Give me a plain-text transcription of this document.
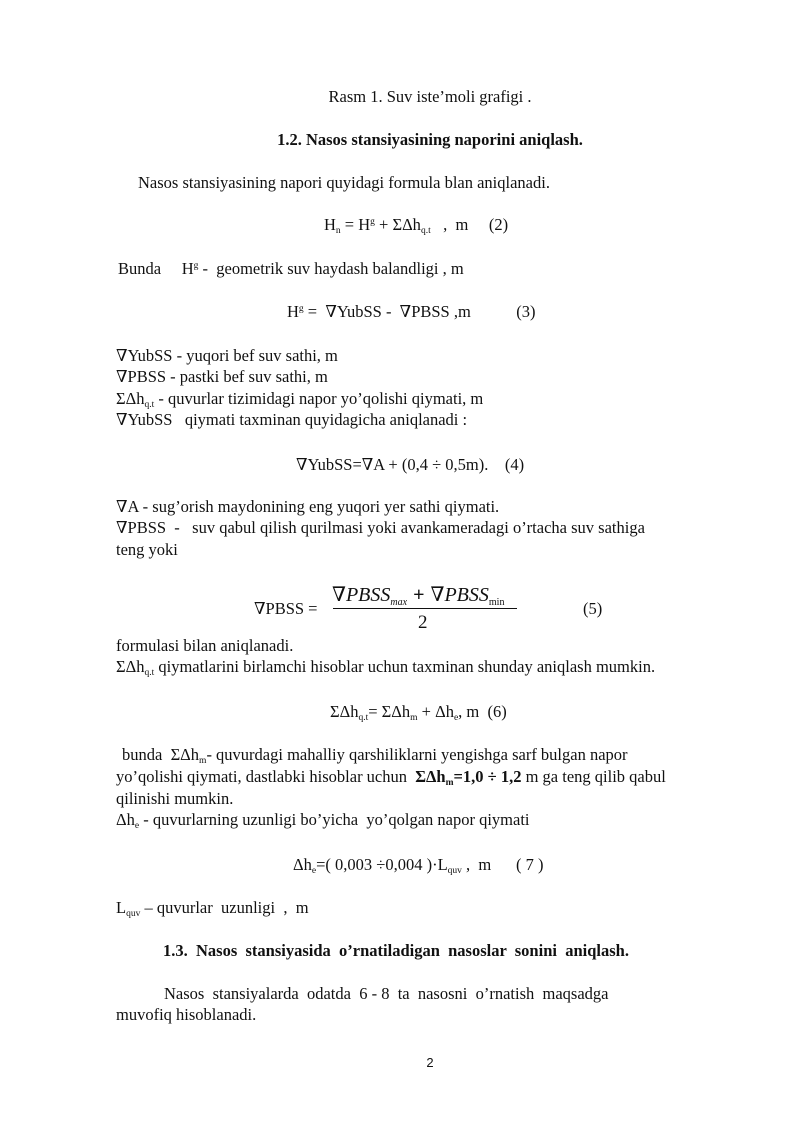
Rasm 1. Suv iste’moli grafigi .
1.2. Nasos stansiyasining naporini aniqlash.
Nasos stansiyasining napori quyidagi formula blan aniqlanadi.
$H_n = H^g + \Sigma\Delta h_{q.t}$   ,  m     (2)
Bunda     $H^g$ -  geometrik suv haydash balandligi , m
$H^g$ =  ∇YubSS -  ∇PBSS ,m           (3)
∇YubSS - yuqori bef suv sathi, m
∇PBSS - pastki bef suv sathi, m
ΣΔh$_{q.t}$ - quvurlar tizimidagi napor yo’qolishi qiymati, m
∇YubSS   qiymati taxminan quyidagicha aniqlanadi :
∇YubSS=∇A + (0,4 ÷ 0,5m).    (4)
∇A - sug’orish maydonining eng yuqori yer sathi qiymati.
∇PBSS  -   suv qabul qilish qurilmasi yoki avankameradagi o’rtacha suv sathiga
teng yoki
∇PBSS =
$\nabla PBSS_{max}$ + $\nabla PBSS_{min}$
2
(5)
formulasi bilan aniqlanadi.
ΣΔh$_{q.t}$ qiymatlarini birlamchi hisoblar uchun taxminan shunday aniqlash mumkin.
$\Sigma\Delta h_{q.t}= \Sigma\Delta h_m + \Delta h_e$, m  (6)
bunda  ΣΔh$_m$- quvurdagi mahalliy qarshiliklarni yengishga sarf bulgan napor
yo’qolishi qiymati, dastlabki hisoblar uchun  ΣΔh$_m$=1,0 ÷ 1,2 m ga teng qilib qabul
qilinishi mumkin.
$\Delta h_e$ - quvurlarning uzunligi bo’yicha  yo’qolgan napor qiymati
$\Delta h_e=$( 0,003 ÷0,004 )$\cdot L_{quv}$ ,  m      ( 7 )
$L_{quv}$ – quvurlar  uzunligi  ,  m
1.3.  Nasos  stansiyasida  o’rnatiladigan  nasoslar  sonini  aniqlash.
Nasos  stansiyalarda  odatda  6 - 8  ta  nasosni  o’rnatish  maqsadga
muvofiq hisoblanadi.
2
